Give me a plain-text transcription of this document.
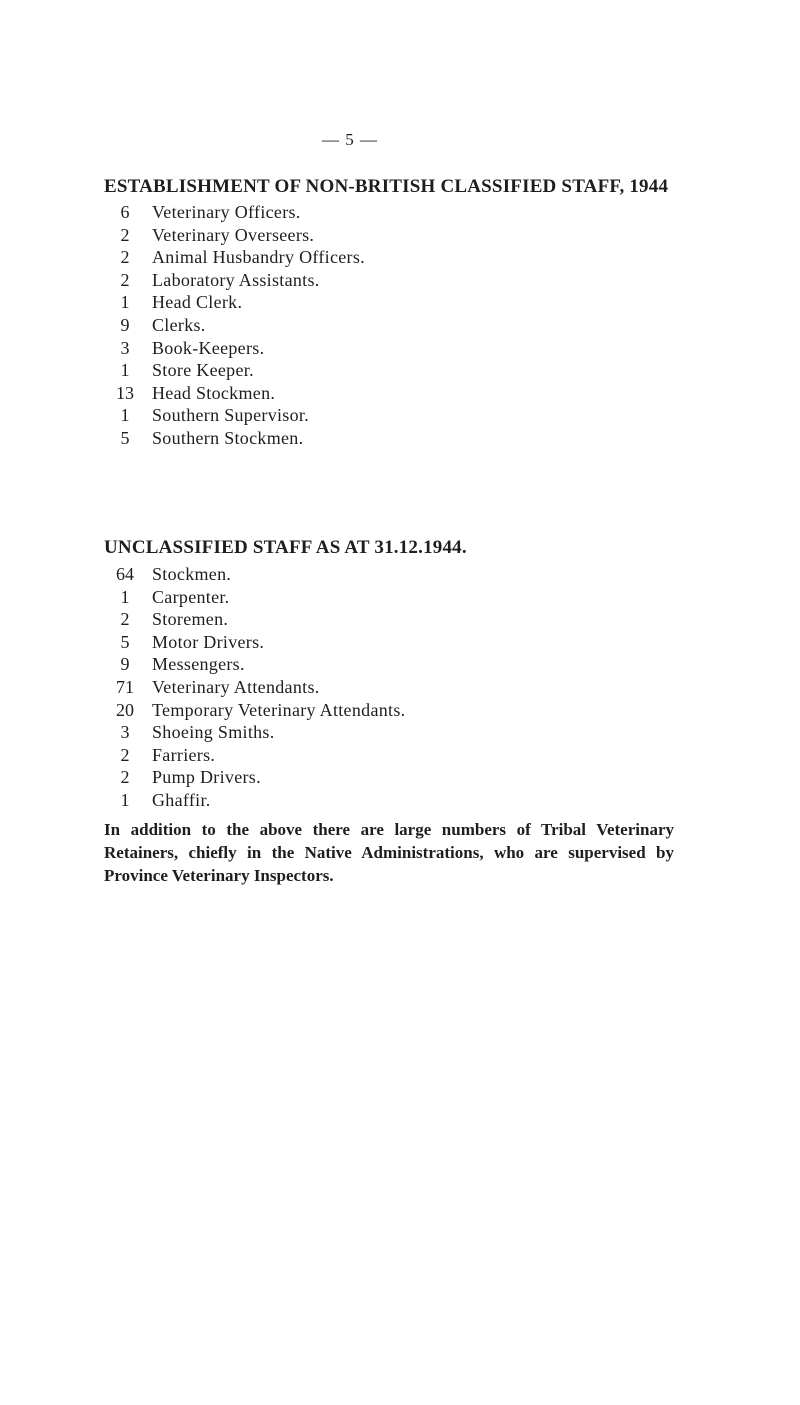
— 5 —
ESTABLISHMENT OF NON-BRITISH CLASSIFIED STAFF, 1944
6	Veterinary Officers.
2	Veterinary Overseers.
2	Animal Husbandry Officers.
2	Laboratory Assistants.
1	Head Clerk.
9	Clerks.
3	Book-Keepers.
1	Store Keeper.
13	Head Stockmen.
1	Southern Supervisor.
5	Southern Stockmen.
UNCLASSIFIED STAFF AS AT 31.12.1944.
64	Stockmen.
1	Carpenter.
2	Storemen.
5	Motor Drivers.
9	Messengers.
71	Veterinary Attendants.
20	Temporary Veterinary Attendants.
3	Shoeing Smiths.
2	Farriers.
2	Pump Drivers.
1	Ghaffir.

In addition to the above there are large numbers of Tribal Veterinary Retainers, chiefly in the Native Administrations, who are supervised by Province Veterinary Inspectors.
